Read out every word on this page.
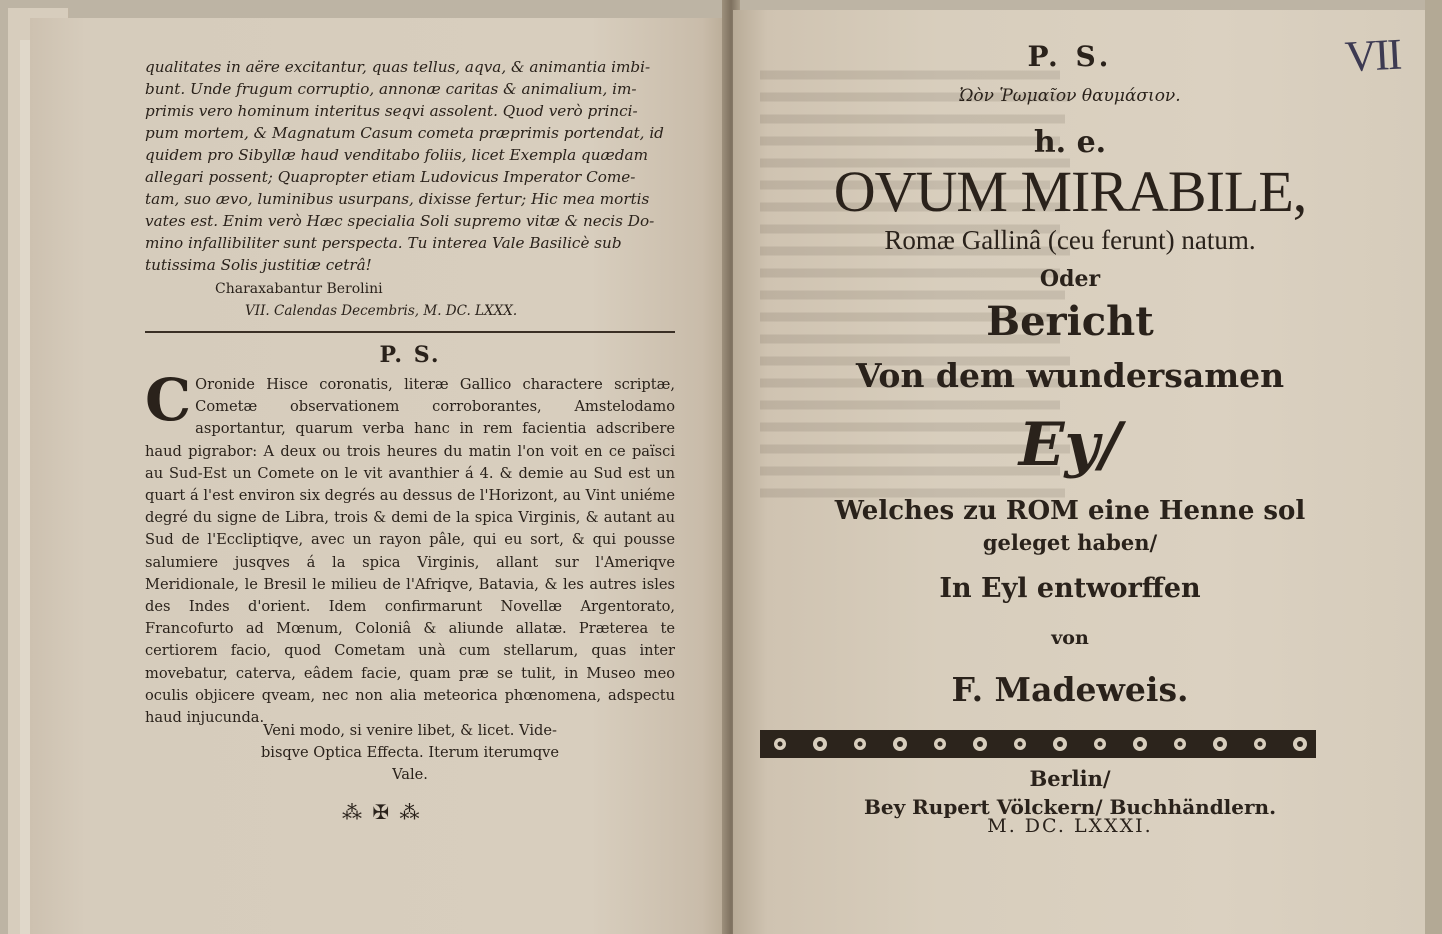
qualitates in aëre excitantur, quas tellus, aqva, & animantia imbi-
bunt. Unde frugum corruptio, annonæ caritas & animalium, im-
primis vero hominum interitus seqvi assolent. Quod verò princi-
pum mortem, & Magnatum Casum cometa præprimis portendat, id
quidem pro Sibyllæ haud venditabo foliis, licet Exempla quædam
allegari possent; Quapropter etiam Ludovicus Imperator Come-
tam, suo ævo, luminibus usurpans, dixisse fertur; Hic mea mortis
vates est. Enim verò Hæc specialia Soli supremo vitæ & necis Do-
mino infallibiliter sunt perspecta. Tu interea Vale Basilicè sub
tutissima Solis justitiæ cetrâ!
Charaxabantur Berolini
VII. Calendas Decembris, M. DC. LXXX.
P. S.
C Oronide Hisce coronatis, literæ Gallico charactere scriptæ, Cometæ observationem corroborantes, Amstelodamo asportantur, quarum verba hanc in rem facientia adscribere haud pigrabor: A deux ou trois heures du matin l'on voit en ce païsci au Sud-Est un Comete on le vit avanthier á 4. & demie au Sud est un quart á l'est environ six degrés au dessus de l'Horizont, au Vint uniéme degré du signe de Libra, trois & demi de la spica Virginis, & autant au Sud de l'Eccliptiqve, avec un rayon pâle, qui eu sort, & qui pousse salumiere jusqves á la spica Virginis, allant sur l'Ameriqve Meridionale, le Bresil le milieu de l'Afriqve, Batavia, & les autres isles des Indes d'orient. Idem confirmarunt Novellæ Argentorato, Francofurto ad Mœnum, Coloniâ & aliunde allatæ. Præterea te certiorem facio, quod Cometam unà cum stellarum, quas inter movebatur, caterva, eâdem facie, quam præ se tulit, in Museo meo oculis objicere qveam, nec non alia meteorica phœnomena, adspectu haud injucunda.
Veni modo, si venire libet, & licet. Vide-
bisqve Optica Effecta. Iterum iterumqve
Vale.
⁂ ✠ ⁂
P. S.
Ὠὸν Ῥωμαῖον θαυμάσιον.
h. e.
OVUM MIRABILE,
Romæ Gallinâ (ceu ferunt) natum.
Oder
Bericht
Von dem wundersamen
Ey/
Welches zu ROM eine Henne sol
geleget haben/
In Eyl entworffen
von
F. Madeweis.
Berlin/
Bey Rupert Völckern/ Buchhändlern.
M. DC. LXXXI.
VII
